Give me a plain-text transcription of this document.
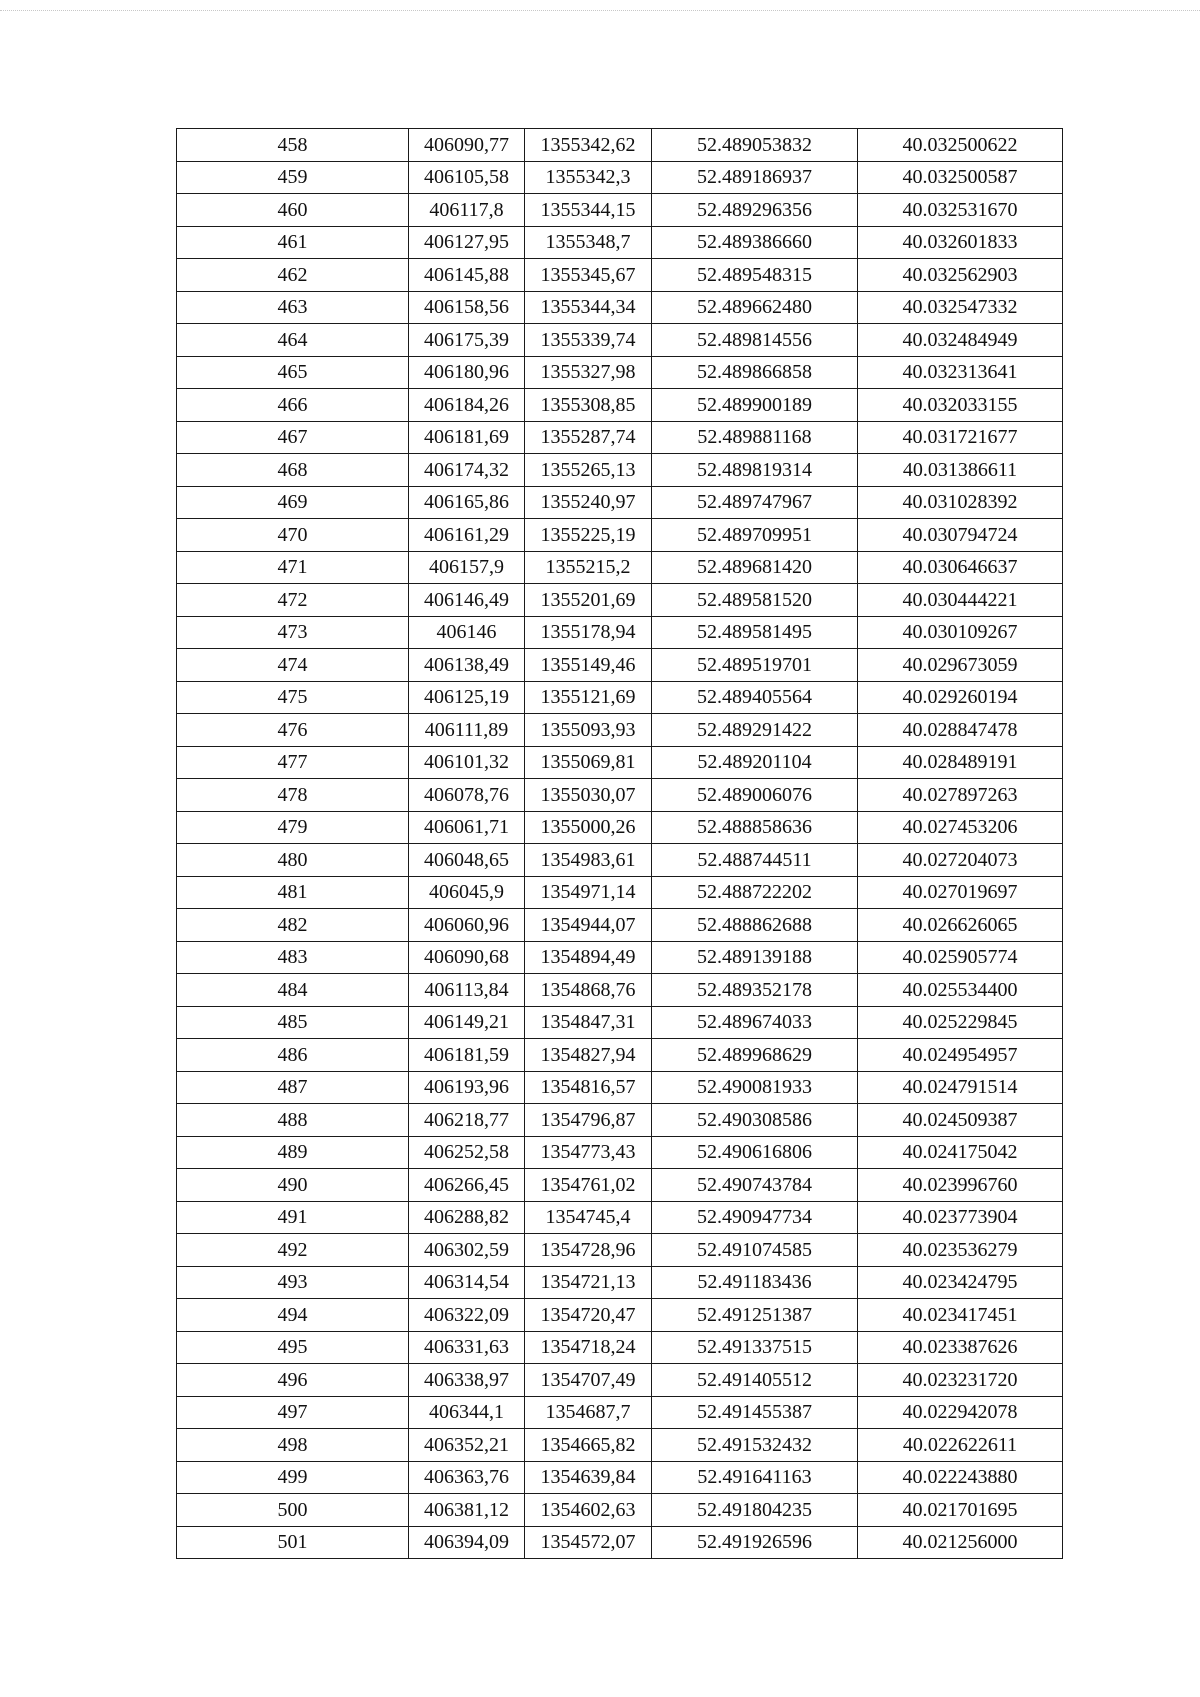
458	406090,77	1355342,62	52.489053832	40.032500622
459	406105,58	1355342,3	52.489186937	40.032500587
460	406117,8	1355344,15	52.489296356	40.032531670
461	406127,95	1355348,7	52.489386660	40.032601833
462	406145,88	1355345,67	52.489548315	40.032562903
463	406158,56	1355344,34	52.489662480	40.032547332
464	406175,39	1355339,74	52.489814556	40.032484949
465	406180,96	1355327,98	52.489866858	40.032313641
466	406184,26	1355308,85	52.489900189	40.032033155
467	406181,69	1355287,74	52.489881168	40.031721677
468	406174,32	1355265,13	52.489819314	40.031386611
469	406165,86	1355240,97	52.489747967	40.031028392
470	406161,29	1355225,19	52.489709951	40.030794724
471	406157,9	1355215,2	52.489681420	40.030646637
472	406146,49	1355201,69	52.489581520	40.030444221
473	406146	1355178,94	52.489581495	40.030109267
474	406138,49	1355149,46	52.489519701	40.029673059
475	406125,19	1355121,69	52.489405564	40.029260194
476	406111,89	1355093,93	52.489291422	40.028847478
477	406101,32	1355069,81	52.489201104	40.028489191
478	406078,76	1355030,07	52.489006076	40.027897263
479	406061,71	1355000,26	52.488858636	40.027453206
480	406048,65	1354983,61	52.488744511	40.027204073
481	406045,9	1354971,14	52.488722202	40.027019697
482	406060,96	1354944,07	52.488862688	40.026626065
483	406090,68	1354894,49	52.489139188	40.025905774
484	406113,84	1354868,76	52.489352178	40.025534400
485	406149,21	1354847,31	52.489674033	40.025229845
486	406181,59	1354827,94	52.489968629	40.024954957
487	406193,96	1354816,57	52.490081933	40.024791514
488	406218,77	1354796,87	52.490308586	40.024509387
489	406252,58	1354773,43	52.490616806	40.024175042
490	406266,45	1354761,02	52.490743784	40.023996760
491	406288,82	1354745,4	52.490947734	40.023773904
492	406302,59	1354728,96	52.491074585	40.023536279
493	406314,54	1354721,13	52.491183436	40.023424795
494	406322,09	1354720,47	52.491251387	40.023417451
495	406331,63	1354718,24	52.491337515	40.023387626
496	406338,97	1354707,49	52.491405512	40.023231720
497	406344,1	1354687,7	52.491455387	40.022942078
498	406352,21	1354665,82	52.491532432	40.022622611
499	406363,76	1354639,84	52.491641163	40.022243880
500	406381,12	1354602,63	52.491804235	40.021701695
501	406394,09	1354572,07	52.491926596	40.021256000
